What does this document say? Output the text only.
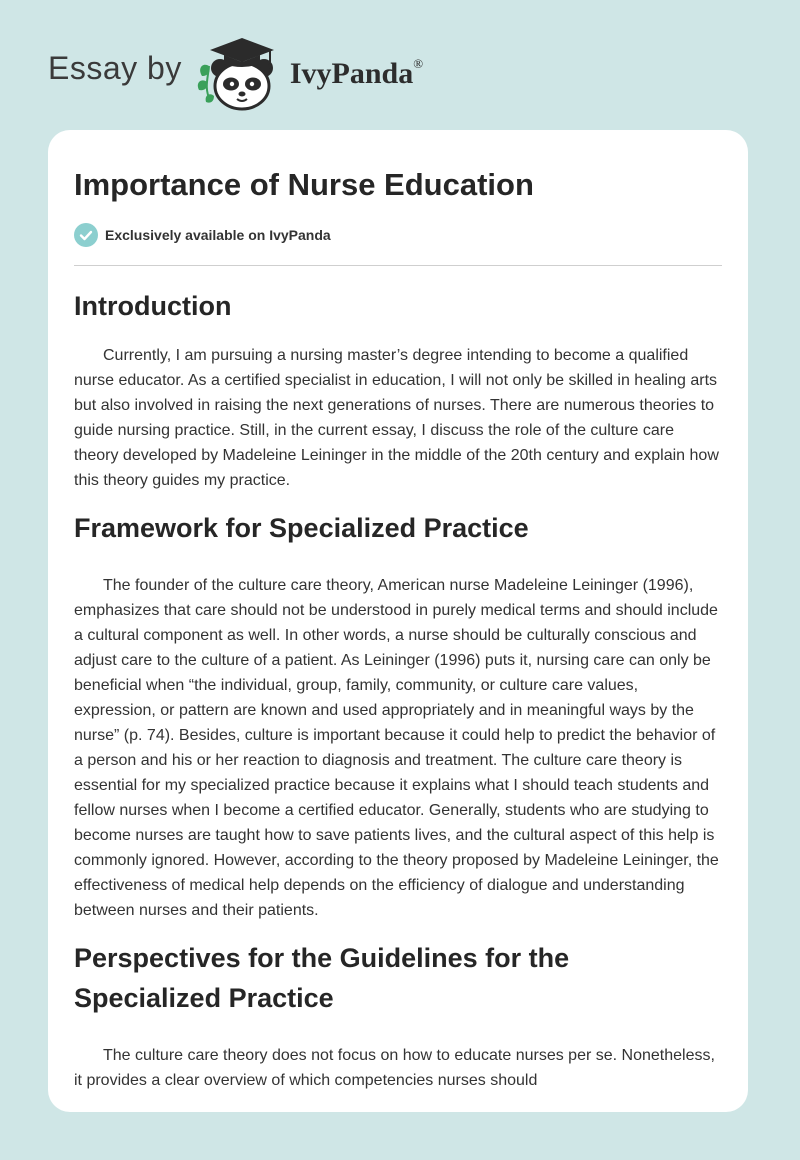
Essay by	IvyPanda®
Importance of Nurse Education
Exclusively available on IvyPanda
Introduction

Currently, I am pursuing a nursing master’s degree intending to become a qualified nurse educator. As a certified specialist in education, I will not only be skilled in healing arts but also involved in raising the next generations of nurses. There are numerous theories to guide nursing practice. Still, in the current essay, I discuss the role of the culture care theory developed by Madeleine Leininger in the middle of the 20th century and explain how this theory guides my practice.

Framework for Specialized Practice

The founder of the culture care theory, American nurse Madeleine Leininger (1996), emphasizes that care should not be understood in purely medical terms and should include a cultural component as well. In other words, a nurse should be culturally conscious and adjust care to the culture of a patient. As Leininger (1996) puts it, nursing care can only be beneficial when “the individual, group, family, community, or culture care values, expression, or pattern are known and used appropriately and in meaningful ways by the nurse” (p. 74). Besides, culture is important because it could help to predict the behavior of a person and his or her reaction to diagnosis and treatment. The culture care theory is essential for my specialized practice because it explains what I should teach students and fellow nurses when I become a certified educator. Generally, students who are studying to become nurses are taught how to save patients lives, and the cultural aspect of this help is commonly ignored. However, according to the theory proposed by Madeleine Leininger, the effectiveness of medical help depends on the efficiency of dialogue and understanding between nurses and their patients.

Perspectives for the Guidelines for the Specialized Practice

The culture care theory does not focus on how to educate nurses per se. Nonetheless, it provides a clear overview of which competencies nurses should
